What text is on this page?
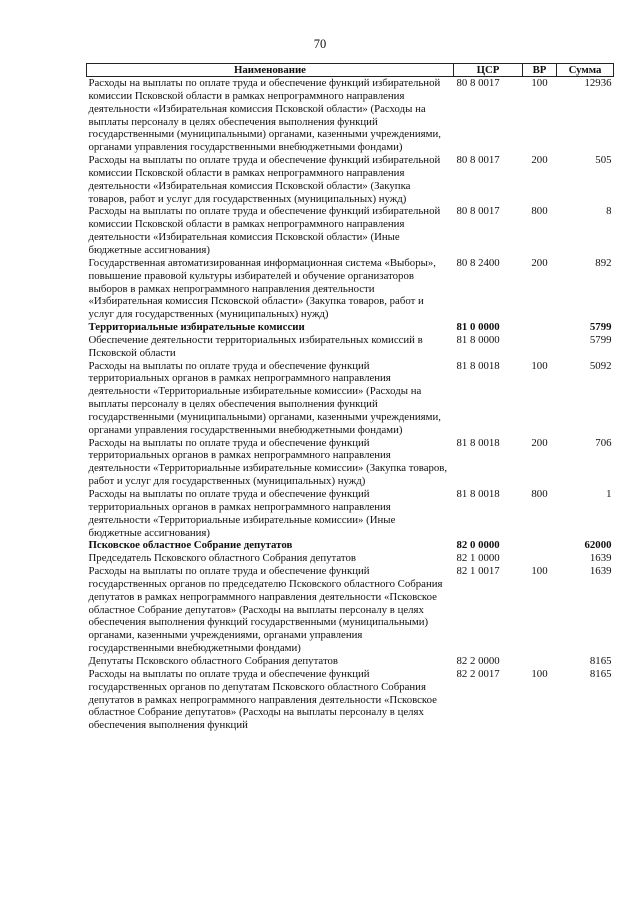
70
Наименование	ЦСР	ВР	Сумма
Расходы на выплаты по оплате труда и обеспечение функций избирательной комиссии Псковской области в рамках непрограммного направления деятельности «Избирательная комиссия Псковской области» (Расходы на выплаты персоналу в целях обеспечения выполнения функций государственными (муниципальными) органами, казенными учреждениями, органами управления государственными внебюджетными фондами)	80 8 0017	100	12936
Расходы на выплаты по оплате труда и обеспечение функций избирательной комиссии Псковской области в рамках непрограммного направления деятельности «Избирательная комиссия Псковской области» (Закупка товаров, работ и услуг для государственных (муниципальных) нужд)	80 8 0017	200	505
Расходы на выплаты по оплате труда и обеспечение функций избирательной комиссии Псковской области в рамках непрограммного направления деятельности «Избирательная комиссия Псковской области» (Иные бюджетные ассигнования)	80 8 0017	800	8
Государственная автоматизированная информационная система «Выборы», повышение правовой культуры избирателей и обучение организаторов выборов в рамках непрограммного направления деятельности «Избирательная комиссия Псковской области» (Закупка товаров, работ и услуг для государственных (муниципальных) нужд)	80 8 2400	200	892
Территориальные избирательные комиссии	81 0 0000		5799
Обеспечение деятельности территориальных избирательных комиссий в Псковской области	81 8 0000		5799
Расходы на выплаты по оплате труда и обеспечение функций территориальных органов в рамках непрограммного направления деятельности «Территориальные избирательные комиссии» (Расходы на выплаты персоналу в целях обеспечения выполнения функций государственными (муниципальными) органами, казенными учреждениями, органами управления государственными внебюджетными фондами)	81 8 0018	100	5092
Расходы на выплаты по оплате труда и обеспечение функций территориальных органов в рамках непрограммного направления деятельности «Территориальные избирательные комиссии» (Закупка товаров, работ и услуг для государственных (муниципальных) нужд)	81 8 0018	200	706
Расходы на выплаты по оплате труда и обеспечение функций территориальных органов в рамках непрограммного направления деятельности «Территориальные избирательные комиссии» (Иные бюджетные ассигнования)	81 8 0018	800	1
Псковское областное Собрание депутатов	82 0 0000		62000
Председатель Псковского областного Собрания депутатов	82 1 0000		1639
Расходы на выплаты по оплате труда и обеспечение функций государственных органов по председателю Псковского областного Собрания депутатов в рамках непрограммного направления деятельности «Псковское областное Собрание депутатов» (Расходы на выплаты персоналу в целях обеспечения выполнения функций государственными (муниципальными) органами, казенными учреждениями, органами управления государственными внебюджетными фондами)	82 1 0017	100	1639
Депутаты Псковского областного Собрания депутатов	82 2 0000		8165
Расходы на выплаты по оплате труда и обеспечение функций государственных органов по депутатам Псковского областного Собрания депутатов в рамках непрограммного направления деятельности «Псковское областное Собрание депутатов» (Расходы на выплаты персоналу в целях обеспечения выполнения функций	82 2 0017	100	8165
